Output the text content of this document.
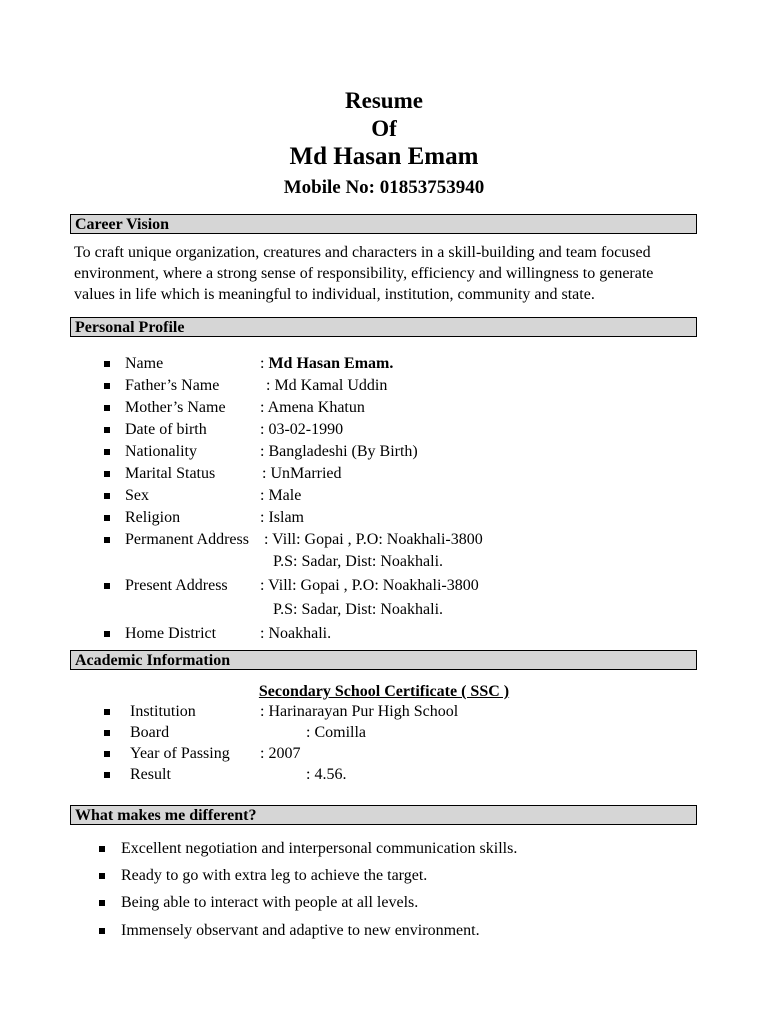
Resume
Of
Md Hasan Emam
Mobile No: 01853753940
Career Vision
To craft unique organization, creatures and characters in a skill-building and team focused
environment, where a strong sense of responsibility, efficiency and willingness to generate
values in life which is meaningful to individual, institution, community and state.
Personal Profile
Name	: Md Hasan Emam.
Father’s Name	: Md Kamal Uddin
Mother’s Name : Amena Khatun
Date of birth	: 03-02-1990
Nationality	: Bangladeshi (By Birth)
Marital Status	: UnMarried
Sex	: Male
Religion	: Islam
Permanent Address : Vill: Gopai , P.O: Noakhali-3800
P.S: Sadar, Dist: Noakhali.
Present Address : Vill: Gopai , P.O: Noakhali-3800
P.S: Sadar, Dist: Noakhali.
Home District	: Noakhali.
Academic Information
Secondary School Certificate ( SSC )
Institution	: Harinarayan Pur High School
Board	: Comilla
Year of Passing : 2007
Result	: 4.56.
What makes me different?
Excellent negotiation and interpersonal communication skills.
Ready to go with extra leg to achieve the target.
Being able to interact with people at all levels.
Immensely observant and adaptive to new environment.
